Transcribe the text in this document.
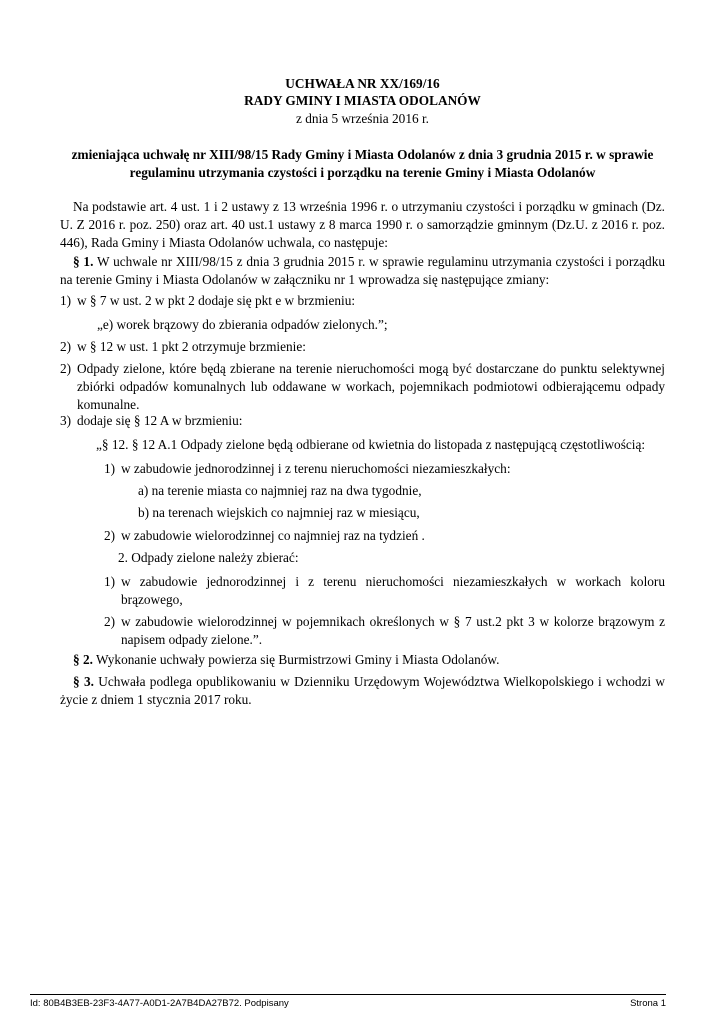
UCHWAŁA NR XX/169/16
RADY GMINY I MIASTA ODOLANÓW
z dnia 5 września 2016 r.
zmieniająca uchwałę nr XIII/98/15 Rady Gminy i Miasta Odolanów z dnia 3 grudnia 2015 r. w sprawie regulaminu utrzymania czystości i porządku na terenie Gminy i Miasta Odolanów
Na podstawie art. 4 ust. 1 i 2 ustawy z 13 września 1996 r. o utrzymaniu czystości i porządku w gminach (Dz. U. Z 2016 r. poz. 250) oraz art. 40 ust.1 ustawy z 8 marca 1990 r. o samorządzie gminnym (Dz.U. z 2016 r. poz. 446), Rada Gminy i Miasta Odolanów uchwala, co następuje:
§ 1. W uchwale nr XIII/98/15 z dnia 3 grudnia 2015 r. w sprawie regulaminu utrzymania czystości i porządku na terenie Gminy i Miasta Odolanów w załączniku nr 1 wprowadza się następujące zmiany:
1) w § 7 w ust. 2 w pkt 2 dodaje się pkt e w brzmieniu:
„e) worek brązowy do zbierania odpadów zielonych.”;
2) w § 12 w ust. 1 pkt 2 otrzymuje brzmienie:
2) Odpady zielone, które będą zbierane na terenie nieruchomości mogą być dostarczane do punktu selektywnej zbiórki odpadów komunalnych lub oddawane w workach, pojemnikach podmiotowi odbierającemu odpady komunalne.
3) dodaje się § 12 A w brzmieniu:
„§ 12. § 12 A.1 Odpady zielone będą odbierane od kwietnia do listopada z następującą częstotliwością:
1) w zabudowie jednorodzinnej i z terenu nieruchomości niezamieszkałych:
a) na terenie miasta co najmniej raz na dwa tygodnie,
b) na terenach wiejskich co najmniej raz w miesiącu,
2) w zabudowie wielorodzinnej co najmniej raz na tydzień .
2. Odpady zielone należy zbierać:
1) w zabudowie jednorodzinnej i z terenu nieruchomości niezamieszkałych w workach koloru brązowego,
2) w zabudowie wielorodzinnej w pojemnikach określonych w § 7 ust.2 pkt 3 w kolorze brązowym z napisem odpady zielone.”.
§ 2. Wykonanie uchwały powierza się Burmistrzowi Gminy i Miasta Odolanów.
§ 3. Uchwała podlega opublikowaniu w Dzienniku Urzędowym Województwa Wielkopolskiego i wchodzi w życie z dniem 1 stycznia 2017 roku.
Id: 80B4B3EB-23F3-4A77-A0D1-2A7B4DA27B72. Podpisany	Strona 1
